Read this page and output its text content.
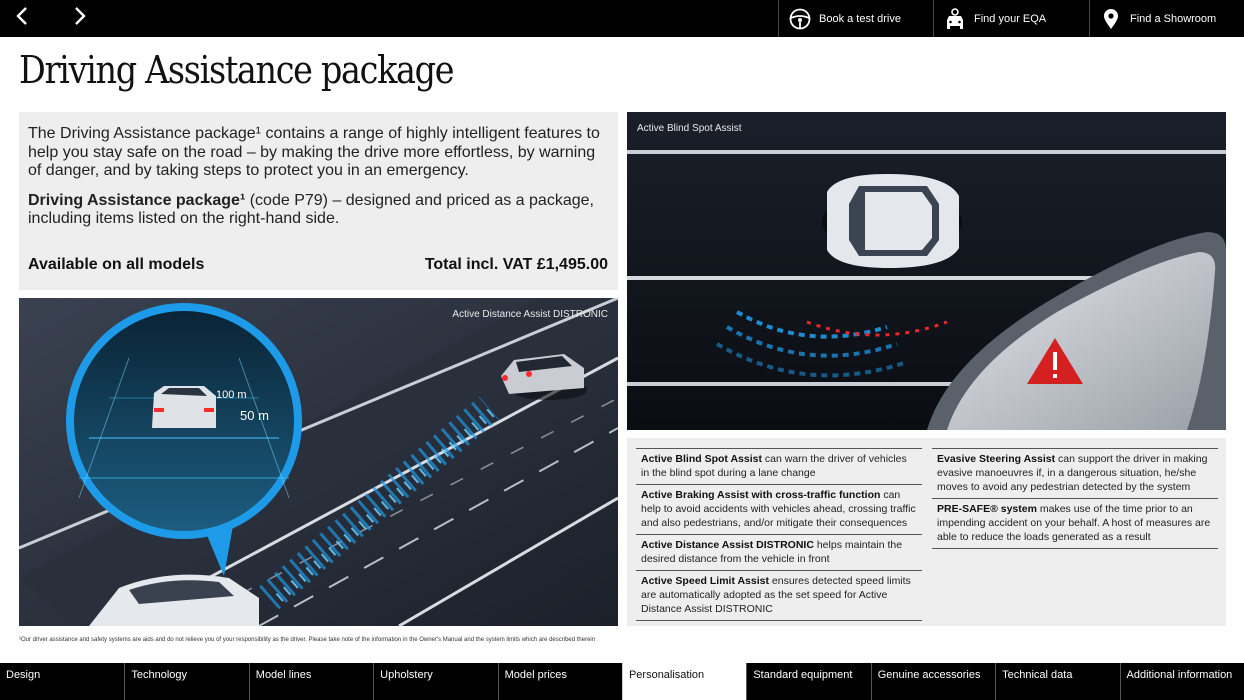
Book a test drive	Find your EQA	Find a Showroom
Driving Assistance package

The Driving Assistance package¹ contains a range of highly intelligent features to help you stay safe on the road – by making the drive more effortless, by warning of danger, and by taking steps to protect you in an emergency.

Driving Assistance package¹ (code P79) – designed and priced as a package, including items listed on the right-hand side.

Available on all models	Total incl. VAT £1,495.00
100 m
50 m
Active Distance Assist DISTRONIC
Active Blind Spot Assist
Active Blind Spot Assist can warn the driver of vehicles in the blind spot during a lane change
Active Braking Assist with cross-traffic function can help to avoid accidents with vehicles ahead, crossing traffic and also pedestrians, and/or mitigate their consequences
Active Distance Assist DISTRONIC helps maintain the desired distance from the vehicle in front
Active Speed Limit Assist ensures detected speed limits are automatically adopted as the set speed for Active Distance Assist DISTRONIC
Evasive Steering Assist can support the driver in making evasive manoeuvres if, in a dangerous situation, he/she moves to avoid any pedestrian detected by the system
PRE-SAFE® system makes use of the time prior to an impending accident on your behalf. A host of measures are able to reduce the loads generated as a result
¹Our driver assistance and safety systems are aids and do not relieve you of your responsibility as the driver. Please take note of the information in the Owner's Manual and the system limits which are described therein
Design	Technology	Model lines	Upholstery	Model prices	Personalisation	Standard equipment	Genuine accessories	Technical data	Additional information
